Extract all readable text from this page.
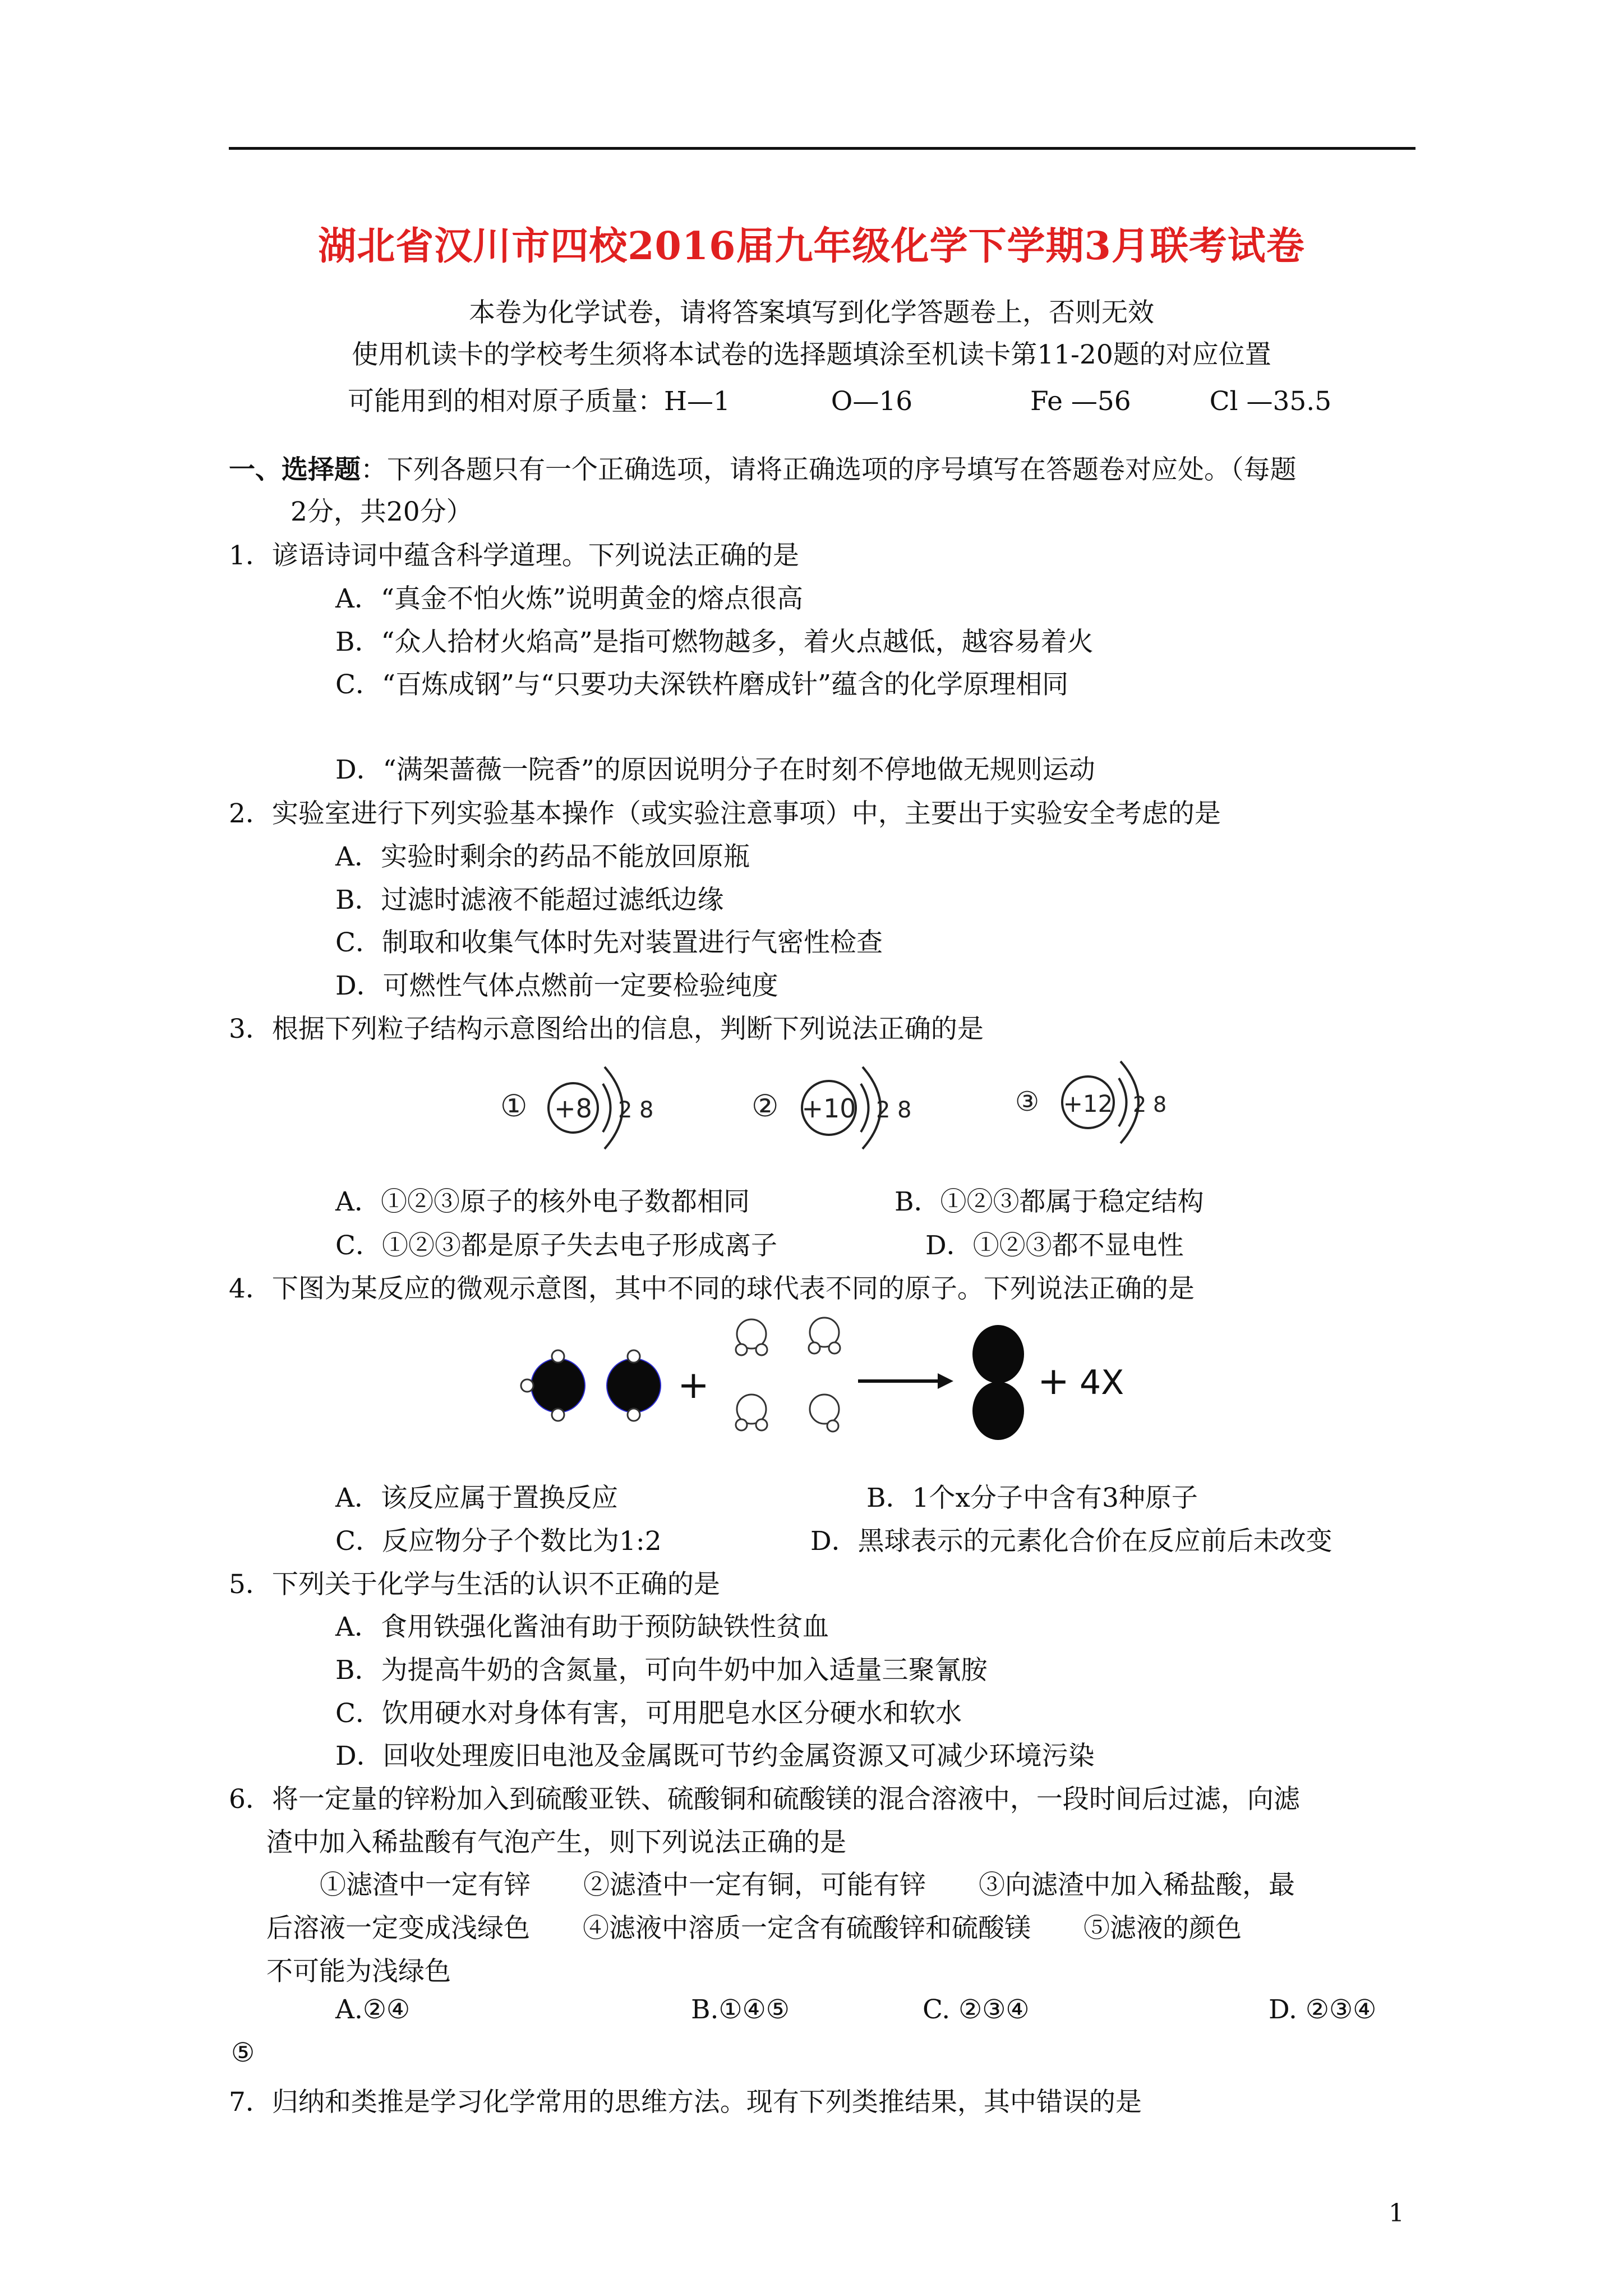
湖北省汉川市四校2016届九年级化学下学期3月联考试卷
本卷为化学试卷，请将答案填写到化学答题卷上，否则无效
使用机读卡的学校考生须将本试卷的选择题填涂至机读卡第11-20题的对应位置
可能用到的相对原子质量：H—1	O—16	Fe —56	Cl —35.5
一、选择题：下列各题只有一个正确选项，请将正确选项的序号填写在答题卷对应处。（每题
2分，共20分）
1．谚语诗词中蕴含科学道理。下列说法正确的是
A．“真金不怕火炼”说明黄金的熔点很高
B．“众人拾材火焰高”是指可燃物越多，着火点越低，越容易着火
C．“百炼成钢”与“只要功夫深铁杵磨成针”蕴含的化学原理相同
D．“满架蔷薇一院香”的原因说明分子在时刻不停地做无规则运动
2．实验室进行下列实验基本操作（或实验注意事项）中，主要出于实验安全考虑的是
A．实验时剩余的药品不能放回原瓶
B．过滤时滤液不能超过滤纸边缘
C．制取和收集气体时先对装置进行气密性检查
D．可燃性气体点燃前一定要检验纯度
3．根据下列粒子结构示意图给出的信息，判断下列说法正确的是
① +8 2 8	② +10 2 8	③ +12 2 8
A．①②③原子的核外电子数都相同	B．①②③都属于稳定结构
C．①②③都是原子失去电子形成离子	D．①②③都不显电性
4．下图为某反应的微观示意图，其中不同的球代表不同的原子。下列说法正确的是
+	+ 4X
A．该反应属于置换反应	B．1个x分子中含有3种原子
C．反应物分子个数比为1:2	D．黑球表示的元素化合价在反应前后未改变
5．下列关于化学与生活的认识不正确的是
A．食用铁强化酱油有助于预防缺铁性贫血
B．为提高牛奶的含氮量，可向牛奶中加入适量三聚氰胺
C．饮用硬水对身体有害，可用肥皂水区分硬水和软水
D．回收处理废旧电池及金属既可节约金属资源又可减少环境污染
6．将一定量的锌粉加入到硫酸亚铁、硫酸铜和硫酸镁的混合溶液中，一段时间后过滤，向滤
渣中加入稀盐酸有气泡产生，则下列说法正确的是
①滤渣中一定有锌　　②滤渣中一定有铜，可能有锌　　③向滤渣中加入稀盐酸，最
后溶液一定变成浅绿色　　④滤液中溶质一定含有硫酸锌和硫酸镁　　⑤滤液的颜色
不可能为浅绿色
A.②④	B.①④⑤	C. ②③④	D. ②③④
⑤
7．归纳和类推是学习化学常用的思维方法。现有下列类推结果，其中错误的是
1
